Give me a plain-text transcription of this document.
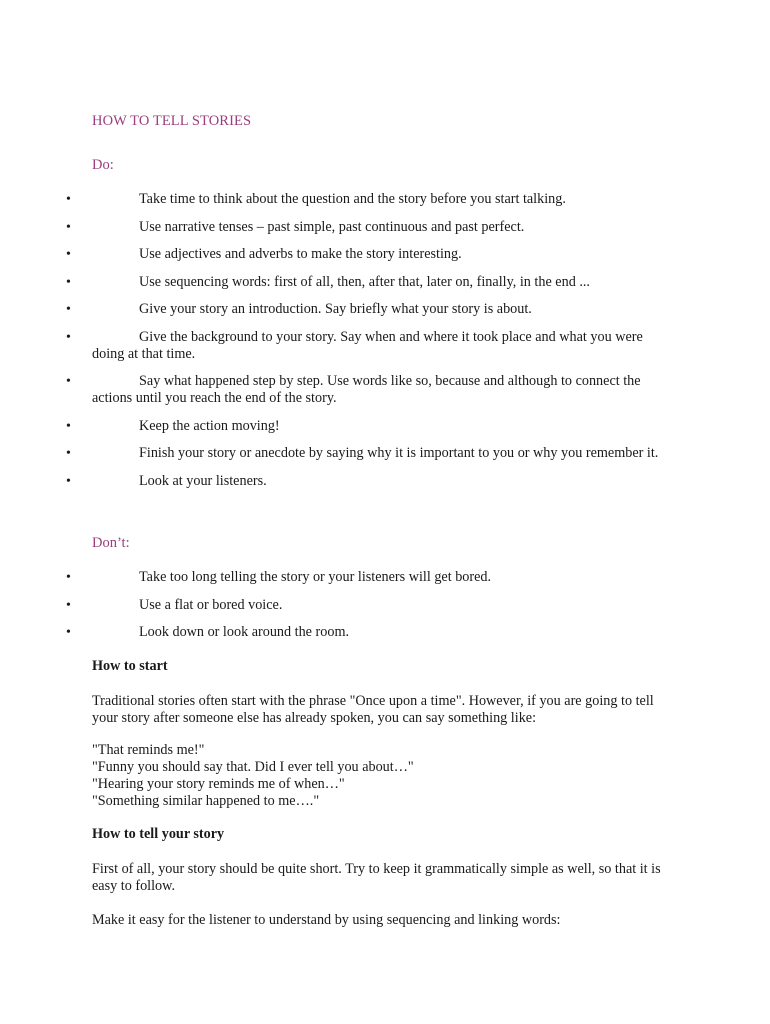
HOW TO TELL STORIES
Do:
•	Take time to think about the question and the story before you start talking.
•	Use narrative tenses – past simple, past continuous and past perfect.
•	Use adjectives and adverbs to make the story interesting.
•	Use sequencing words: first of all, then, after that, later on, finally, in the end ...
•	Give your story an introduction. Say briefly what your story is about.
•	Give the background to your story. Say when and where it took place and what you were doing at that time.
•	Say what happened step by step. Use words like so, because and although to connect the actions until you reach the end of the story.
•	Keep the action moving!
•	Finish your story or anecdote by saying why it is important to you or why you remember it.
•	Look at your listeners.
Don’t:
•	Take too long telling the story or your listeners will get bored.
•	Use a flat or bored voice.
•	Look down or look around the room.
How to start
Traditional stories often start with the phrase "Once upon a time". However, if you are going to tell your story after someone else has already spoken, you can say something like:
"That reminds me!"
"Funny you should say that. Did I ever tell you about…"
"Hearing your story reminds me of when…"
"Something similar happened to me…."
How to tell your story
First of all, your story should be quite short. Try to keep it grammatically simple as well, so that it is easy to follow.
Make it easy for the listener to understand by using sequencing and linking words:
